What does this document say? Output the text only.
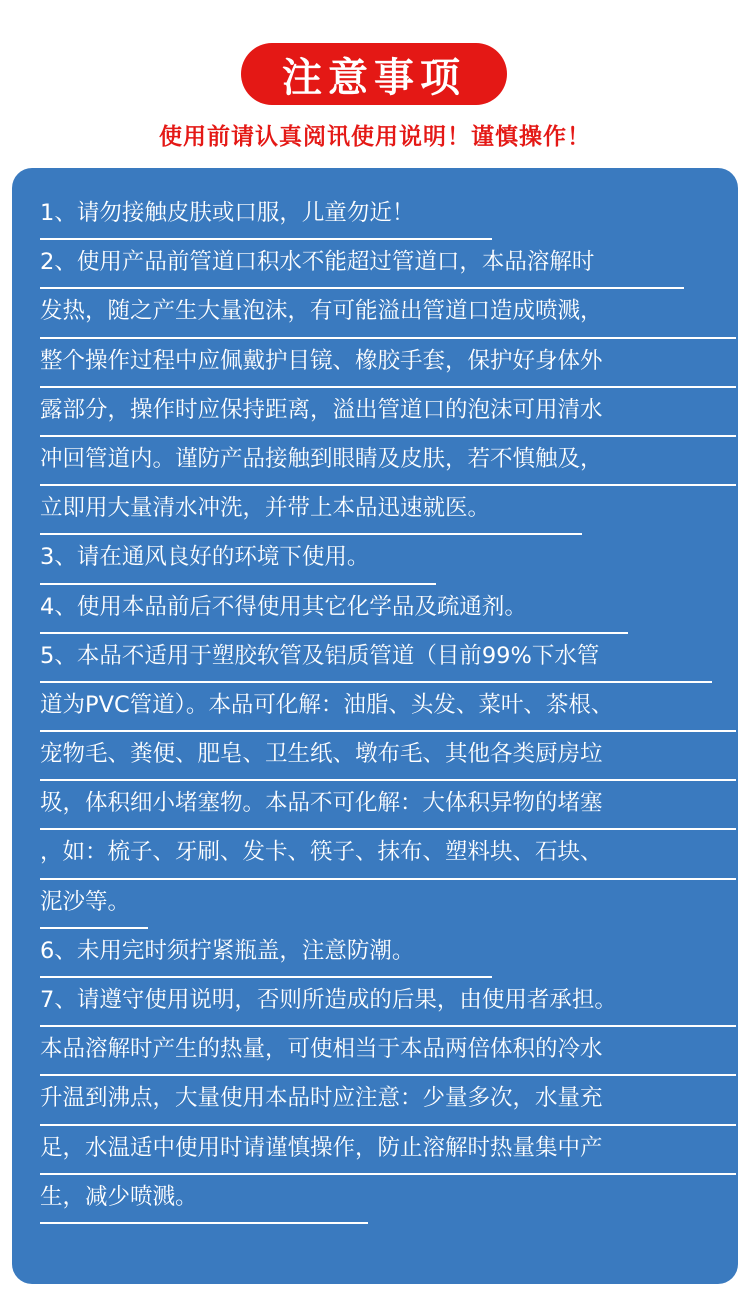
注意事项
使用前请认真阅讯使用说明！谨慎操作！
1、请勿接触皮肤或口服，儿童勿近！
2、使用产品前管道口积水不能超过管道口，本品溶解时
发热，随之产生大量泡沫，有可能溢出管道口造成喷溅，
整个操作过程中应佩戴护目镜、橡胶手套，保护好身体外
露部分，操作时应保持距离，溢出管道口的泡沫可用清水
冲回管道内。谨防产品接触到眼睛及皮肤，若不慎触及，
立即用大量清水冲洗，并带上本品迅速就医。
3、请在通风良好的环境下使用。
4、使用本品前后不得使用其它化学品及疏通剂。
5、本品不适用于塑胶软管及铝质管道（目前99%下水管
道为PVC管道）。本品可化解：油脂、头发、菜叶、茶根、
宠物毛、粪便、肥皂、卫生纸、墩布毛、其他各类厨房垃
圾，体积细小堵塞物。本品不可化解：大体积异物的堵塞
，如：梳子、牙刷、发卡、筷子、抹布、塑料块、石块、
泥沙等。
6、未用完时须拧紧瓶盖，注意防潮。
7、请遵守使用说明，否则所造成的后果，由使用者承担。
本品溶解时产生的热量，可使相当于本品两倍体积的冷水
升温到沸点，大量使用本品时应注意：少量多次，水量充
足，水温适中使用时请谨慎操作，防止溶解时热量集中产
生，减少喷溅。
